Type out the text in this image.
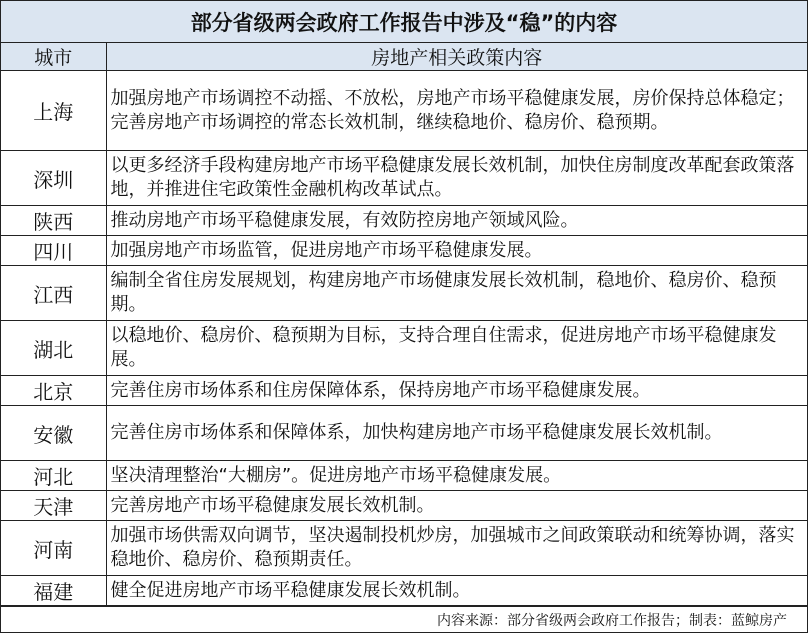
部分省级两会政府工作报告中涉及“稳”的内容
城市	房地产相关政策内容
上海	加强房地产市场调控不动摇、不放松，房地产市场平稳健康发展，房价保持总体稳定；完善房地产市场调控的常态长效机制，继续稳地价、稳房价、稳预期。
深圳	以更多经济手段构建房地产市场平稳健康发展长效机制，加快住房制度改革配套政策落地，并推进住宅政策性金融机构改革试点。
陕西	推动房地产市场平稳健康发展，有效防控房地产领域风险。
四川	加强房地产市场监管，促进房地产市场平稳健康发展。
江西	编制全省住房发展规划，构建房地产市场健康发展长效机制，稳地价、稳房价、稳预期。
湖北	以稳地价、稳房价、稳预期为目标，支持合理自住需求，促进房地产市场平稳健康发展。
北京	完善住房市场体系和住房保障体系，保持房地产市场平稳健康发展。
安徽	完善住房市场体系和保障体系，加快构建房地产市场平稳健康发展长效机制。
河北	坚决清理整治“大棚房”。促进房地产市场平稳健康发展。
天津	完善房地产市场平稳健康发展长效机制。
河南	加强市场供需双向调节，坚决遏制投机炒房，加强城市之间政策联动和统筹协调，落实稳地价、稳房价、稳预期责任。
福建	健全促进房地产市场平稳健康发展长效机制。
内容来源：部分省级两会政府工作报告；制表：蓝鲸房产
